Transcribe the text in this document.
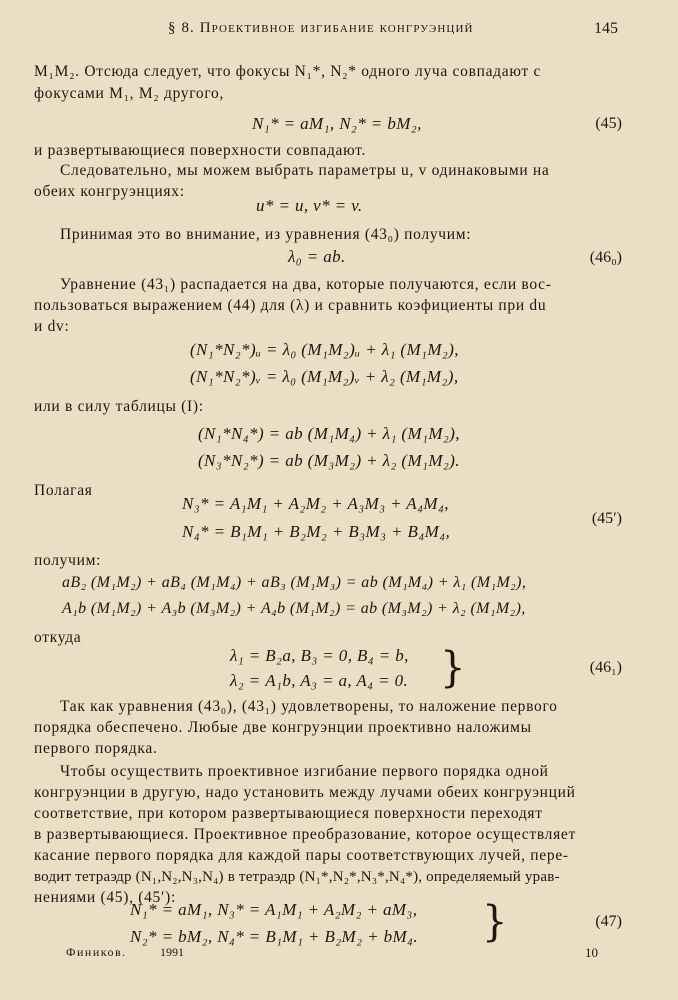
§ 8. Проективное изгибание конгруэнций	145
M₁M₂. Отсюда следует, что фокусы N₁*, N₂* одного луча совпадают с
фокусами M₁, M₂ другого,
N₁* = aM₁, N₂* = bM₂,	(45)
и развертывающиеся поверхности совпадают.
Следовательно, мы можем выбрать параметры u, v одинаковыми на
обеих конгруэнциях:
u* = u, v* = v.
Принимая это во внимание, из уравнения (43₀) получим:
λ₀ = ab.	(46₀)
Уравнение (43₁) распадается на два, которые получаются, если вос-
пользоваться выражением (44) для (λ) и сравнить коэфициенты при du
и dv:
(N₁*N₂*)ᵤ = λ₀ (M₁M₂)ᵤ + λ₁ (M₁M₂),
(N₁*N₂*)ᵥ = λ₀ (M₁M₂)ᵥ + λ₂ (M₁M₂),
или в силу таблицы (I):
(N₁*N₄*) = ab (M₁M₄) + λ₁ (M₁M₂),
(N₃*N₂*) = ab (M₃M₂) + λ₂ (M₁M₂).
Полагая
N₃* = A₁M₁ + A₂M₂ + A₃M₃ + A₄M₄,
N₄* = B₁M₁ + B₂M₂ + B₃M₃ + B₄M₄,
(45′)
получим:
aB₂ (M₁M₂) + aB₄ (M₁M₄) + aB₃ (M₁M₃) = ab (M₁M₄) + λ₁ (M₁M₂),
A₁b (M₁M₂) + A₃b (M₃M₂) + A₄b (M₁M₂) = ab (M₃M₂) + λ₂ (M₁M₂),
откуда
λ₁ = B₂a, B₃ = 0, B₄ = b,
λ₂ = A₁b, A₃ = a, A₄ = 0. }	(46₁)
Так как уравнения (43₀), (43₁) удовлетворены, то наложение первого
порядка обеспечено. Любые две конгруэнции проективно наложимы
первого порядка.
Чтобы осуществить проективное изгибание первого порядка одной
конгруэнции в другую, надо установить между лучами обеих конгруэнций
соответствие, при котором развертывающиеся поверхности переходят
в развертывающиеся. Проективное преобразование, которое осуществляет
касание первого порядка для каждой пары соответствующих лучей, пере-
водит тетраэдр (N₁,N₂,N₃,N₄) в тетраэдр (N₁*,N₂*,N₃*,N₄*), определяемый урав-
нениями (45), (45′):
N₁* = aM₁, N₃* = A₁M₁ + A₂M₂ + aM₃,
N₂* = bM₂, N₄* = B₁M₁ + B₂M₂ + bM₄. }	(47)
Фиников.	1991	10
